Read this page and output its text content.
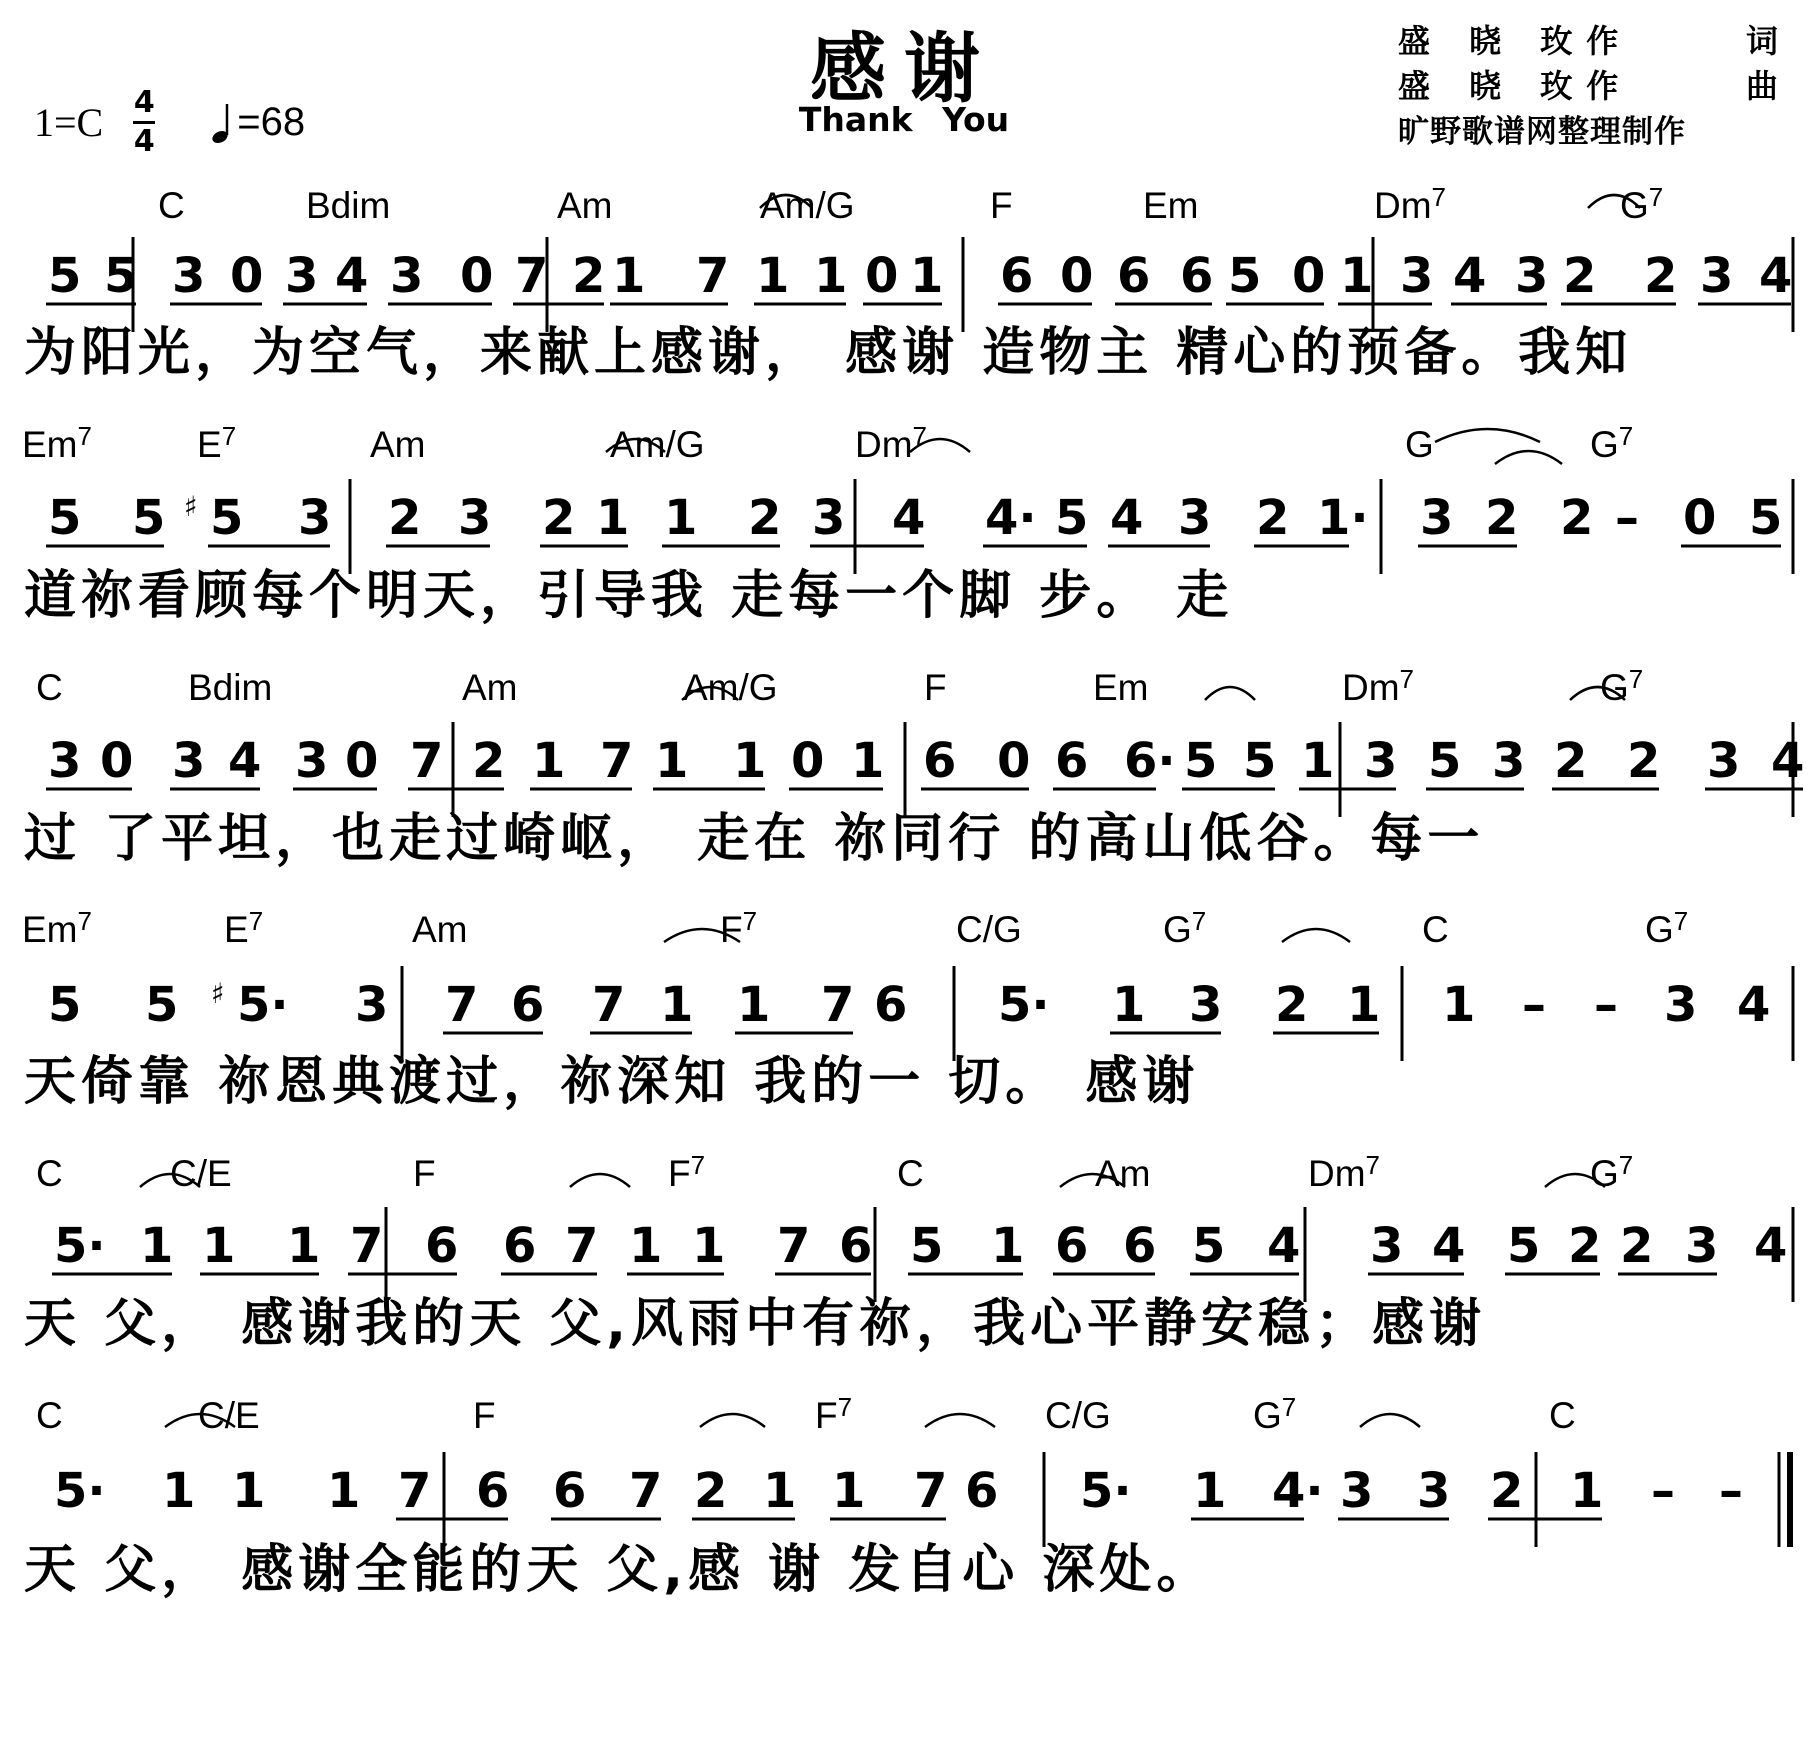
感谢
Thank You
盛 晓 玫作	词
盛 晓 玫作	曲
旷野歌谱网整理制作
1=C 4
4 =68
C	Bdim	Am	Am/G	F	Em	Dm$^7$	$G^7$
5 5 3 0 3 4 3 0 7 2 1 7 1 1 0 1 6 0 6 6 5 0 1 3 4 3 2 2 3 4
Em$^7$	$E^7$	Am	Am/G	Dm$^7$	G	$G^7$
5 5 ♯ 5 3 2 3 2 1 1 2 3 4 4· 5 4 3 2 1· 3 2 2 – 0 5
C	Bdim	Am	Am/G	F	Em	Dm$^7$	$G^7$
3 0 3 4 3 0 7 2 1 7 1 1 0 1 6 0 6 6· 5 5 1 3 5 3 2 2 3 4
Em$^7$	$E^7$	Am	$F^7$	C/G	$G^7$	C	$G^7$
5 5 ♯ 5· 3 7 6 7 1 1 7 6 5· 1 3 2 1 1 – – 3 4
C	C/E	F	$F^7$	C	Am	Dm$^7$	$G^7$
5· 1 1 1 7 6 6 7 1 1 7 6 5 1 6 6 5 4 3 4 5 2 2 3 4
C	C/E	F	$F^7$	C/G	$G^7$	C
5· 1 1 1 7 6 6 7 2 1 1 7 6 5· 1 4· 3 3 2 1 – –
为阳光，为空气，来献上感谢， 感谢 造物主 精心的预备。我知
道祢看顾每个明天，引导我 走每一个脚 步。 走
过 了平坦，也走过崎岖， 走在 祢同行 的高山低谷。每一
天倚靠 祢恩典渡过，祢深知 我的一 切。 感谢
天 父， 感谢我的天 父,风雨中有祢，我心平静安稳；感谢
天 父， 感谢全能的天 父,感 谢 发自心 深处。
